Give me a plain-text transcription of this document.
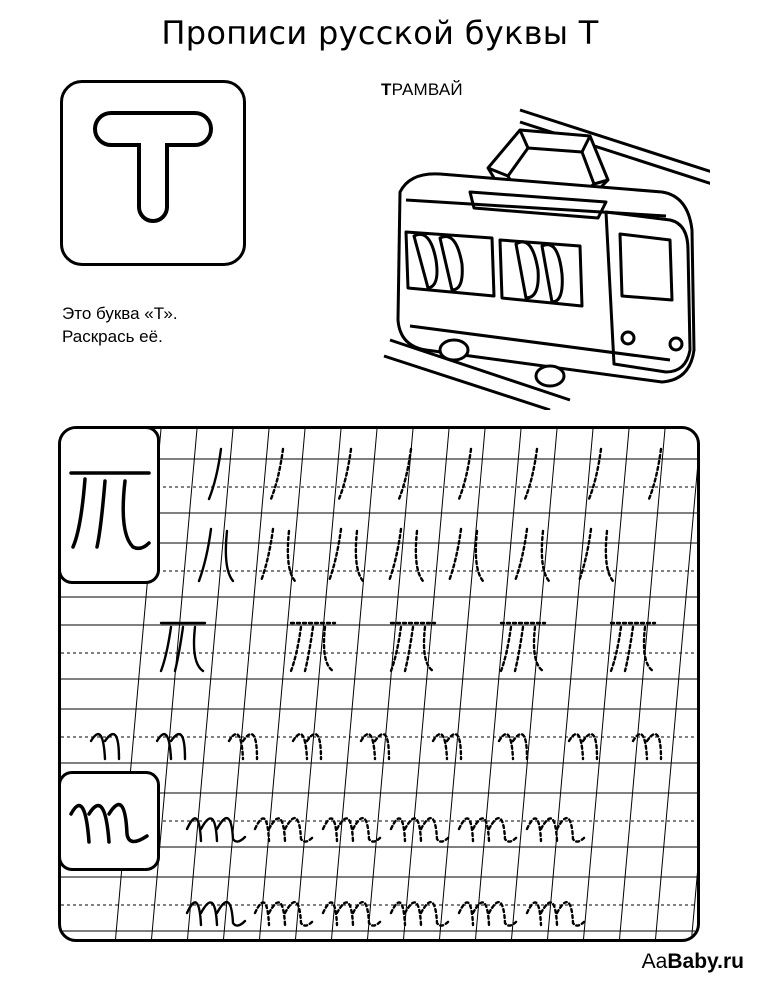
Прописи русской буквы Т
Это буква «Т».
Раскрась её.
ТРАМВАЙ
AaBaby.ru
